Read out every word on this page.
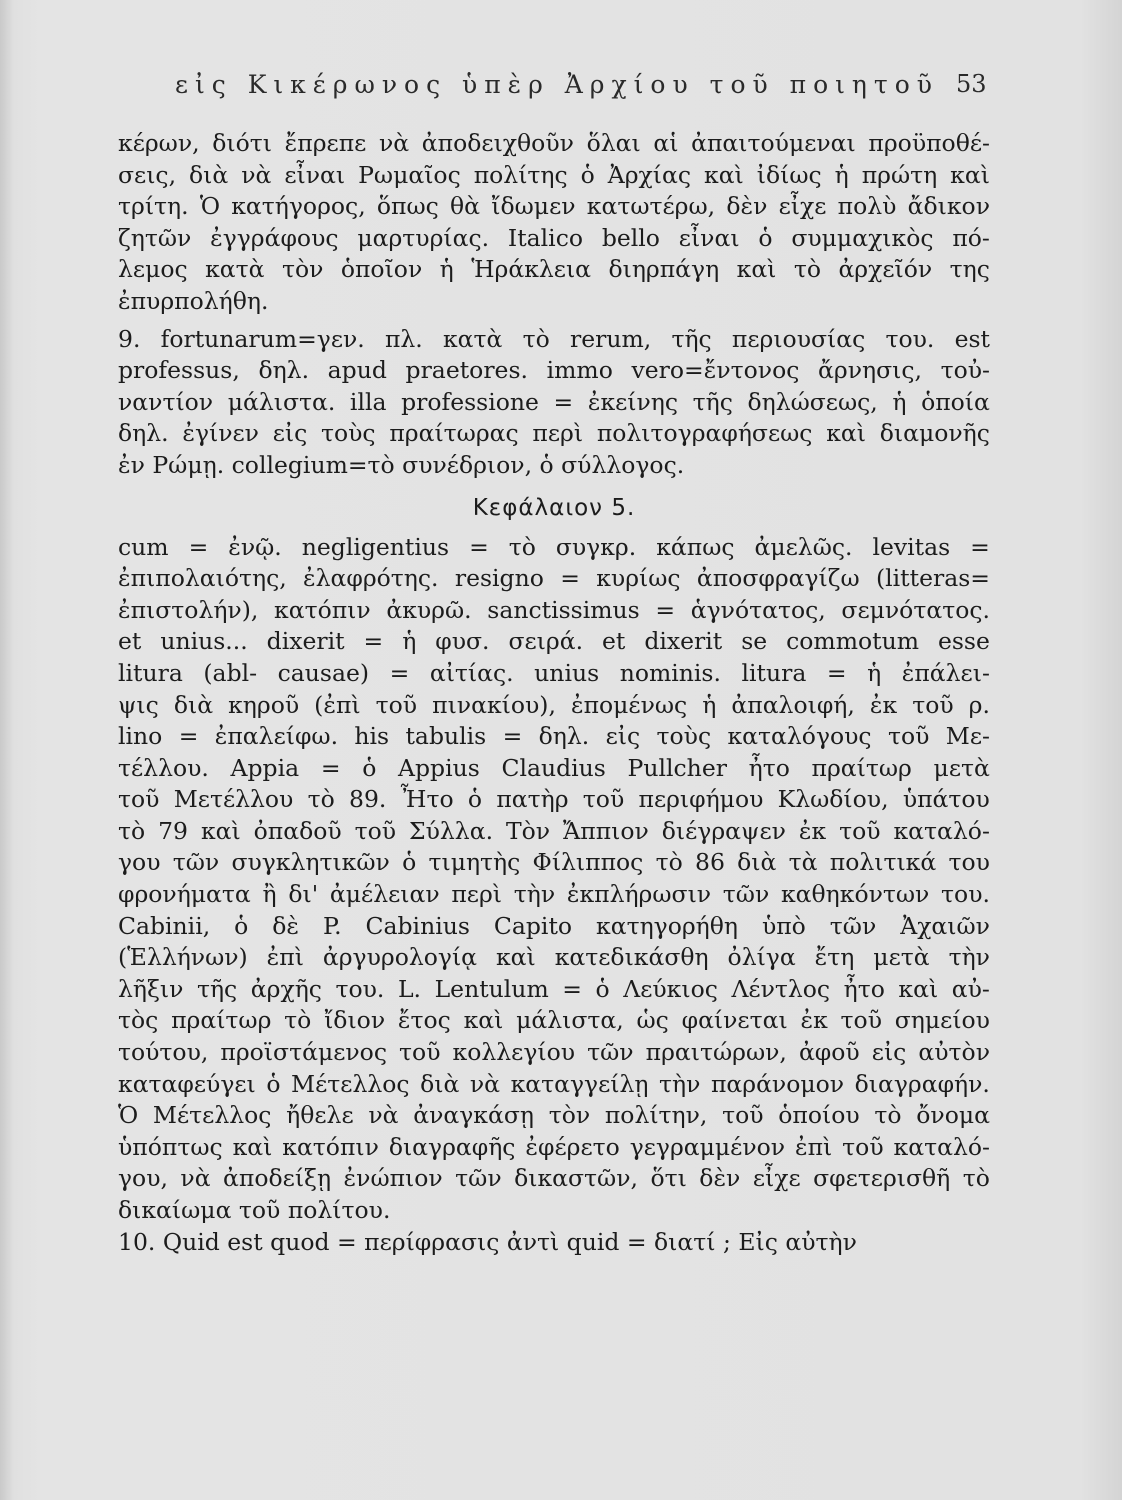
εἰς Κικέρωνος ὑπὲρ Ἀρχίου τοῦ ποιητοῦ 53
κέρων, διότι ἔπρεπε νὰ ἀποδειχθοῦν ὅλαι αἱ ἀπαιτούμεναι προϋποθέ-
σεις, διὰ νὰ εἶναι Ρωμαῖος πολίτης ὁ Ἀρχίας καὶ ἰδίως ἡ πρώτη καὶ
τρίτη. Ὁ κατήγορος, ὅπως θὰ ἴδωμεν κατωτέρω, δὲν εἶχε πολὺ ἄδικον
ζητῶν ἐγγράφους μαρτυρίας. Italico bello εἶναι ὁ συμμαχικὸς πό-
λεμος κατὰ τὸν ὁποῖον ἡ Ἡράκλεια διηρπάγη καὶ τὸ ἀρχεῖόν της
ἐπυρπολήθη.
9. fortunarum=γεν. πλ. κατὰ τὸ rerum, τῆς περιουσίας του. est
professus, δηλ. apud praetores. immo vero=ἔντονος ἄρνησις, τοὐ-
ναντίον μάλιστα. illa professione = ἐκείνης τῆς δηλώσεως, ἡ ὁποία
δηλ. ἐγίνεν εἰς τοὺς πραίτωρας περὶ πολιτογραφήσεως καὶ διαμονῆς
ἐν Ρώμῃ. collegium=τὸ συνέδριον, ὁ σύλλογος.
Κεφάλαιον 5.
cum = ἐνῷ. negligentius = τὸ συγκρ. κάπως ἀμελῶς. levitas =
ἐπιπολαιότης, ἐλαφρότης. resigno = κυρίως ἀποσφραγίζω (litteras=
ἐπιστολήν), κατόπιν ἀκυρῶ. sanctissimus = ἁγνότατος, σεμνότατος.
et unius... dixerit = ἡ φυσ. σειρά. et dixerit se commotum esse
litura (abl- causae) = αἰτίας. unius nominis. litura = ἡ ἐπάλει-
ψις διὰ κηροῦ (ἐπὶ τοῦ πινακίου), ἐπομένως ἡ ἀπαλοιφή, ἐκ τοῦ ρ.
lino = ἐπαλείφω. his tabulis = δηλ. εἰς τοὺς καταλόγους τοῦ Με-
τέλλου. Appia = ὁ Appius Claudius Pullcher ἦτο πραίτωρ μετὰ
τοῦ Μετέλλου τὸ 89. Ἦτο ὁ πατὴρ τοῦ περιφήμου Κλωδίου, ὑπάτου
τὸ 79 καὶ ὀπαδοῦ τοῦ Σύλλα. Τὸν Ἄππιον διέγραψεν ἐκ τοῦ καταλό-
γου τῶν συγκλητικῶν ὁ τιμητὴς Φίλιππος τὸ 86 διὰ τὰ πολιτικά του
φρονήματα ἢ δι' ἀμέλειαν περὶ τὴν ἐκπλήρωσιν τῶν καθηκόντων του.
Cabinii, ὁ δὲ P. Cabinius Capito κατηγορήθη ὑπὸ τῶν Ἀχαιῶν
(Ἑλλήνων) ἐπὶ ἀργυρολογίᾳ καὶ κατεδικάσθη ὀλίγα ἔτη μετὰ τὴν
λῆξιν τῆς ἀρχῆς του. L. Lentulum = ὁ Λεύκιος Λέντλος ἦτο καὶ αὐ-
τὸς πραίτωρ τὸ ἴδιον ἔτος καὶ μάλιστα, ὡς φαίνεται ἐκ τοῦ σημείου
τούτου, προϊστάμενος τοῦ κολλεγίου τῶν πραιτώρων, ἀφοῦ εἰς αὐτὸν
καταφεύγει ὁ Μέτελλος διὰ νὰ καταγγείλῃ τὴν παράνομον διαγραφήν.
Ὁ Μέτελλος ἤθελε νὰ ἀναγκάσῃ τὸν πολίτην, τοῦ ὁποίου τὸ ὄνομα
ὑπόπτως καὶ κατόπιν διαγραφῆς ἐφέρετο γεγραμμένον ἐπὶ τοῦ καταλό-
γου, νὰ ἀποδείξῃ ἐνώπιον τῶν δικαστῶν, ὅτι δὲν εἶχε σφετερισθῆ τὸ
δικαίωμα τοῦ πολίτου.
10. Quid est quod = περίφρασις ἀντὶ quid = διατί ; Εἰς αὐτὴν
